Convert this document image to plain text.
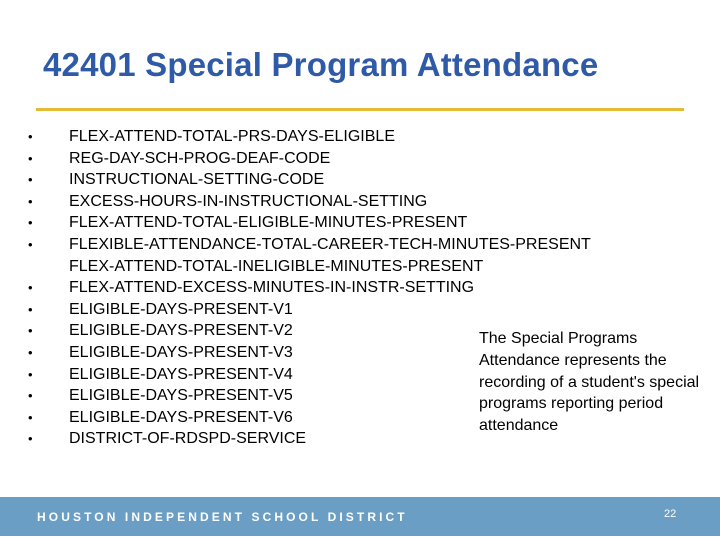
42401 Special Program Attendance
• FLEX-ATTEND-TOTAL-PRS-DAYS-ELIGIBLE
• REG-DAY-SCH-PROG-DEAF-CODE
• INSTRUCTIONAL-SETTING-CODE
• EXCESS-HOURS-IN-INSTRUCTIONAL-SETTING
• FLEX-ATTEND-TOTAL-ELIGIBLE-MINUTES-PRESENT
• FLEXIBLE-ATTENDANCE-TOTAL-CAREER-TECH-MINUTES-PRESENT
FLEX-ATTEND-TOTAL-INELIGIBLE-MINUTES-PRESENT
• FLEX-ATTEND-EXCESS-MINUTES-IN-INSTR-SETTING
• ELIGIBLE-DAYS-PRESENT-V1
• ELIGIBLE-DAYS-PRESENT-V2
• ELIGIBLE-DAYS-PRESENT-V3
• ELIGIBLE-DAYS-PRESENT-V4
• ELIGIBLE-DAYS-PRESENT-V5
• ELIGIBLE-DAYS-PRESENT-V6
• DISTRICT-OF-RDSPD-SERVICE
The Special Programs Attendance represents the recording of a student's special programs reporting period attendance
HOUSTON INDEPENDENT SCHOOL DISTRICT	22
